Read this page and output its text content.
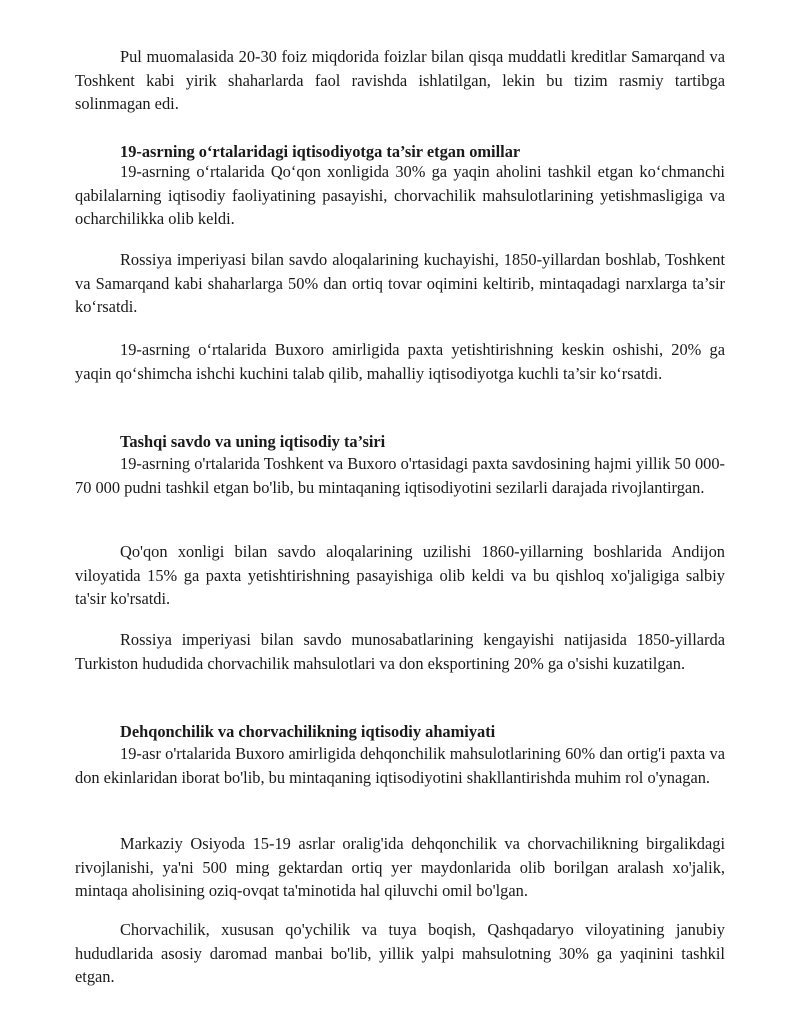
Pul muomalasida 20-30 foiz miqdorida foizlar bilan qisqa muddatli kreditlar Samarqand va Toshkent kabi yirik shaharlarda faol ravishda ishlatilgan, lekin bu tizim rasmiy tartibga solinmagan edi.

19-asrning o‘rtalaridagi iqtisodiyotga ta’sir etgan omillar

19-asrning o‘rtalarida Qo‘qon xonligida 30% ga yaqin aholini tashkil etgan ko‘chmanchi qabilalarning iqtisodiy faoliyatining pasayishi, chorvachilik mahsulotlarining yetishmasligiga va ocharchilikka olib keldi.

Rossiya imperiyasi bilan savdo aloqalarining kuchayishi, 1850-yillardan boshlab, Toshkent va Samarqand kabi shaharlarga 50% dan ortiq tovar oqimini keltirib, mintaqadagi narxlarga ta’sir ko‘rsatdi.

19-asrning o‘rtalarida Buxoro amirligida paxta yetishtirishning keskin oshishi, 20% ga yaqin qo‘shimcha ishchi kuchini talab qilib, mahalliy iqtisodiyotga kuchli ta’sir ko‘rsatdi.

Tashqi savdo va uning iqtisodiy ta’siri

19-asrning o'rtalarida Toshkent va Buxoro o'rtasidagi paxta savdosining hajmi yillik 50 000-70 000 pudni tashkil etgan bo'lib, bu mintaqaning iqtisodiyotini sezilarli darajada rivojlantirgan.

Qo'qon xonligi bilan savdo aloqalarining uzilishi 1860-yillarning boshlarida Andijon viloyatida 15% ga paxta yetishtirishning pasayishiga olib keldi va bu qishloq xo'jaligiga salbiy ta'sir ko'rsatdi.

Rossiya imperiyasi bilan savdo munosabatlarining kengayishi natijasida 1850-yillarda Turkiston hududida chorvachilik mahsulotlari va don eksportining 20% ga o'sishi kuzatilgan.

Dehqonchilik va chorvachilikning iqtisodiy ahamiyati

19-asr o'rtalarida Buxoro amirligida dehqonchilik mahsulotlarining 60% dan ortig'i paxta va don ekinlaridan iborat bo'lib, bu mintaqaning iqtisodiyotini shakllantirishda muhim rol o'ynagan.

Markaziy Osiyoda 15-19 asrlar oralig'ida dehqonchilik va chorvachilikning birgalikdagi rivojlanishi, ya'ni 500 ming gektardan ortiq yer maydonlarida olib borilgan aralash xo'jalik, mintaqa aholisining oziq-ovqat ta'minotida hal qiluvchi omil bo'lgan.

Chorvachilik, xususan qo'ychilik va tuya boqish, Qashqadaryo viloyatining janubiy hududlarida asosiy daromad manbai bo'lib, yillik yalpi mahsulotning 30% ga yaqinini tashkil etgan.
